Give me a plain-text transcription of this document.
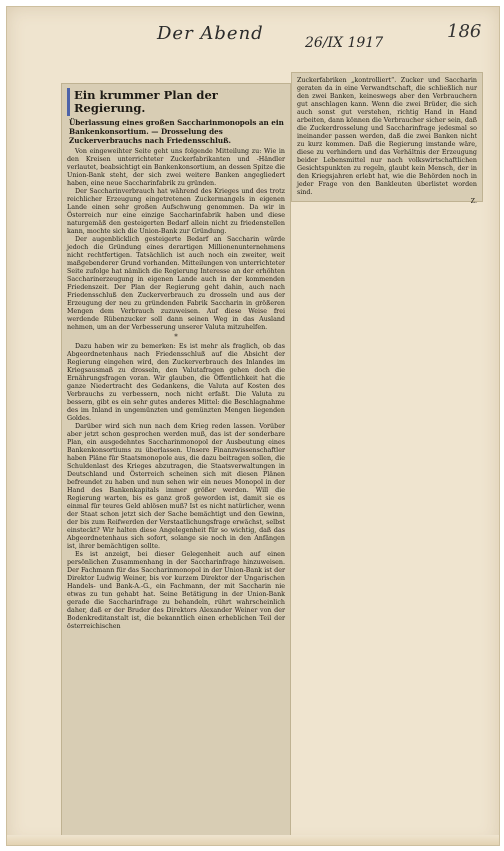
Der Abend	26/IX 1917
186
Ein krummer Plan der Regierung.
Überlassung eines großen Saccharinmonopols an ein Bankenkonsortium. — Drosselung des Zuckerverbrauchs nach Friedensschluß.

Von eingeweihter Seite geht uns folgende Mitteilung zu: Wie in den Kreisen unterrichteter Zuckerfabrikanten und -Händler verlautet, beabsichtigt ein Bankenkonsortium, an dessen Spitze die Union-Bank steht, der sich zwei weitere Banken angegliedert haben, eine neue Saccharinfabrik zu gründen.

Der Saccharinverbrauch hat während des Krieges und des trotz reichlicher Erzeugung eingetretenen Zuckermangels in eigenen Lande einen sehr großen Aufschwung genommen. Da wir in Österreich nur eine einzige Saccharinfabrik haben und diese naturgemäß den gesteigerten Bedarf allein nicht zu friedenstellen kann, mochte sich die Union-Bank zur Gründung.

Der augenblicklich gesteigerte Bedarf an Saccharin würde jedoch die Gründung eines derartigen Millionenunternehmens nicht rechtfertigen. Tatsächlich ist auch noch ein zweiter, weit maßgebenderer Grund vorhanden. Mitteilungen von unterrichteter Seite zufolge hat nämlich die Regierung Interesse an der erhöhten Saccharinerzeugung in eigenen Lande auch in der kommenden Friedenszeit. Der Plan der Regierung geht dahin, auch nach Friedensschluß den Zuckerverbrauch zu drosseln und aus der Erzeugung der neu zu gründenden Fabrik Saccharin in größeren Mengen dem Verbrauch zuzuweisen. Auf diese Weise frei werdende Rübenzucker soll dann seinen Weg in das Ausland nehmen, um an der Verbesserung unserer Valuta mitzuhelfen.

*

Dazu haben wir zu bemerken: Es ist mehr als fraglich, ob das Abgeordnetenhaus nach Friedensschluß auf die Absicht der Regierung eingehen wird, den Zuckerverbrauch des Inlandes im Kriegsausmaß zu drosseln, den Valutafragen gehen doch die Ernährungsfragen voran. Wir glauben, die Öffentlichkeit hat die ganze Niedertracht des Gedankens, die Valuta auf Kosten des Verbrauchs zu verbessern, noch nicht erfaßt. Die Valuta zu bessern, gibt es ein sehr gutes anderes Mittel: die Beschlagnahme des im Inland in ungemünzten und gemünzten Mengen liegenden Goldes.

Darüber wird sich nun nach dem Krieg reden lassen. Vorüber aber jetzt schon gesprochen werden muß, das ist der sonderbare Plan, ein ausgedehntes Saccharinmonopol der Ausbeutung eines Bankenkonsortiums zu überlassen. Unsere Finanzwissenschaftler haben Pläne für Staatsmonopole aus, die dazu beitragen sollen, die Schuldenlast des Krieges abzutragen, die Staatsverwaltungen in Deutschland und Österreich scheinen sich mit diesen Plänen befreundet zu haben und nun sehen wir ein neues Monopol in der Hand des Bankenkapitals immer größer werden. Will die Regierung warten, bis es ganz groß geworden ist, damit sie es einmal für teures Geld ablösen muß? Ist es nicht natürlicher, wenn der Staat schon jetzt sich der Sache bemächtigt und den Gewinn, der bis zum Reifwerden der Verstaatlichungsfrage erwächst, selbst einsteckt? Wir halten diese Angelegenheit für so wichtig, daß das Abgeordnetenhaus sich sofort, solange sie noch in den Anfängen ist, ihrer bemächtigen sollte.

Es ist anzeigt, bei dieser Gelegenheit auch auf einen persönlichen Zusammenhang in der Saccharinfrage hinzuweisen. Der Fachmann für das Saccharinmonopol in der Union-Bank ist der Direktor Ludwig Weiner, bis vor kurzem Direktor der Ungarischen Handels- und Bank-A.-G., ein Fachmann, der mit Saccharin nie etwas zu tun gehabt hat. Seine Betätigung in der Union-Bank gerade die Saccharinfrage zu behandeln, rührt wahrscheinlich daher, daß er der Bruder des Direktors Alexander Weiner von der Bodenkreditanstalt ist, die bekanntlich einen erheblichen Teil der österreichischen

Zuckerfabriken „kontrolliert“. Zucker und Saccharin geraten da in eine Verwandtschaft, die schließlich nur den zwei Banken, keineswegs aber den Verbrauchern gut anschlagen kann. Wenn die zwei Brüder, die sich auch sonst gut verstehen, richtig Hand in Hand arbeiten, dann können die Verbraucher sicher sein, daß die Zuckerdrosselung und Saccharinfrage jedesmal so ineinander passen werden, daß die zwei Banken nicht zu kurz kommen. Daß die Regierung imstande wäre, diese zu verhindern und das Verhältnis der Erzeugung beider Lebensmittel nur nach volkswirtschaftlichen Gesichtspunkten zu regeln, glaubt kein Mensch, der in den Kriegsjahren erlebt hat, wie die Behörden noch in jeder Frage von den Bankleuten überlistet worden sind.

Z.
